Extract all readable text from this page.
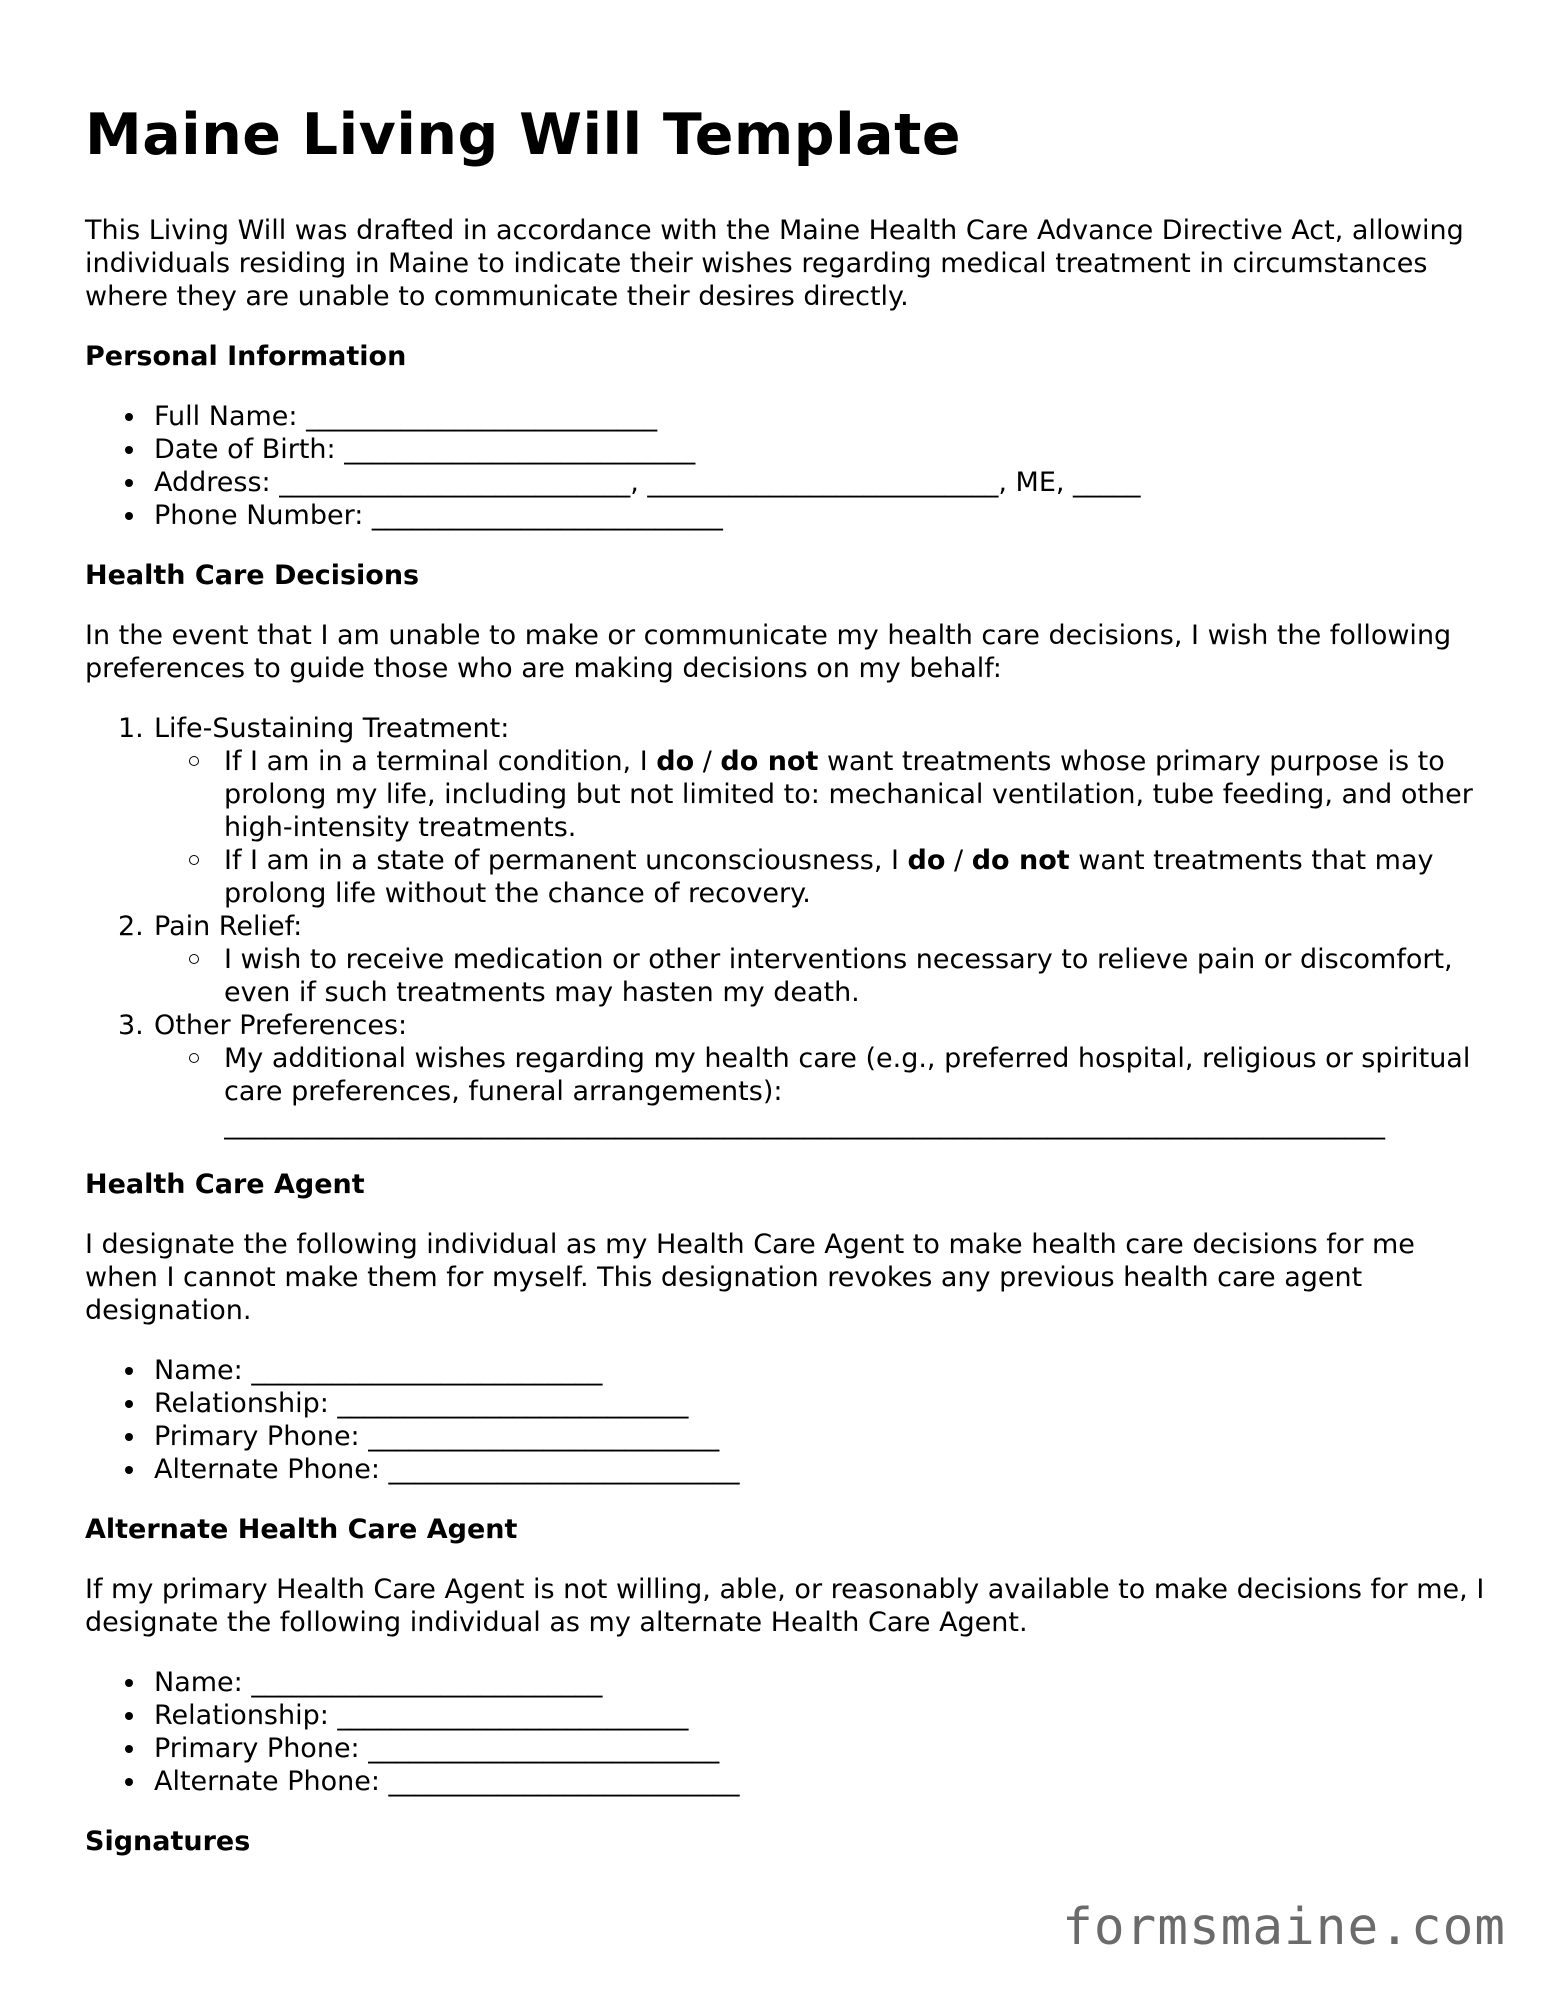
Maine Living Will Template

This Living Will was drafted in accordance with the Maine Health Care Advance Directive Act, allowing individuals residing in Maine to indicate their wishes regarding medical treatment in circumstances where they are unable to communicate their desires directly.

Personal Information
Full Name: __________________________
Date of Birth: __________________________
Address: __________________________, __________________________, ME, _____
Phone Number: __________________________
Health Care Decisions

In the event that I am unable to make or communicate my health care decisions, I wish the following preferences to guide those who are making decisions on my behalf:

1. Life-Sustaining Treatment:
If I am in a terminal condition, I do / do not want treatments whose primary purpose is to prolong my life, including but not limited to: mechanical ventilation, tube feeding, and other high-intensity treatments.
If I am in a state of permanent unconsciousness, I do / do not want treatments that may prolong life without the chance of recovery.
2. Pain Relief:
I wish to receive medication or other interventions necessary to relieve pain or discomfort, even if such treatments may hasten my death.
3. Other Preferences:
My additional wishes regarding my health care (e.g., preferred hospital, religious or spiritual care preferences, funeral arrangements):
______________________________________________________________________________________
Health Care Agent

I designate the following individual as my Health Care Agent to make health care decisions for me when I cannot make them for myself. This designation revokes any previous health care agent designation.

Name: __________________________
Relationship: __________________________
Primary Phone: __________________________
Alternate Phone: __________________________
Alternate Health Care Agent

If my primary Health Care Agent is not willing, able, or reasonably available to make decisions for me, I designate the following individual as my alternate Health Care Agent.

Name: __________________________
Relationship: __________________________
Primary Phone: __________________________
Alternate Phone: __________________________
Signatures
formsmaine.com
